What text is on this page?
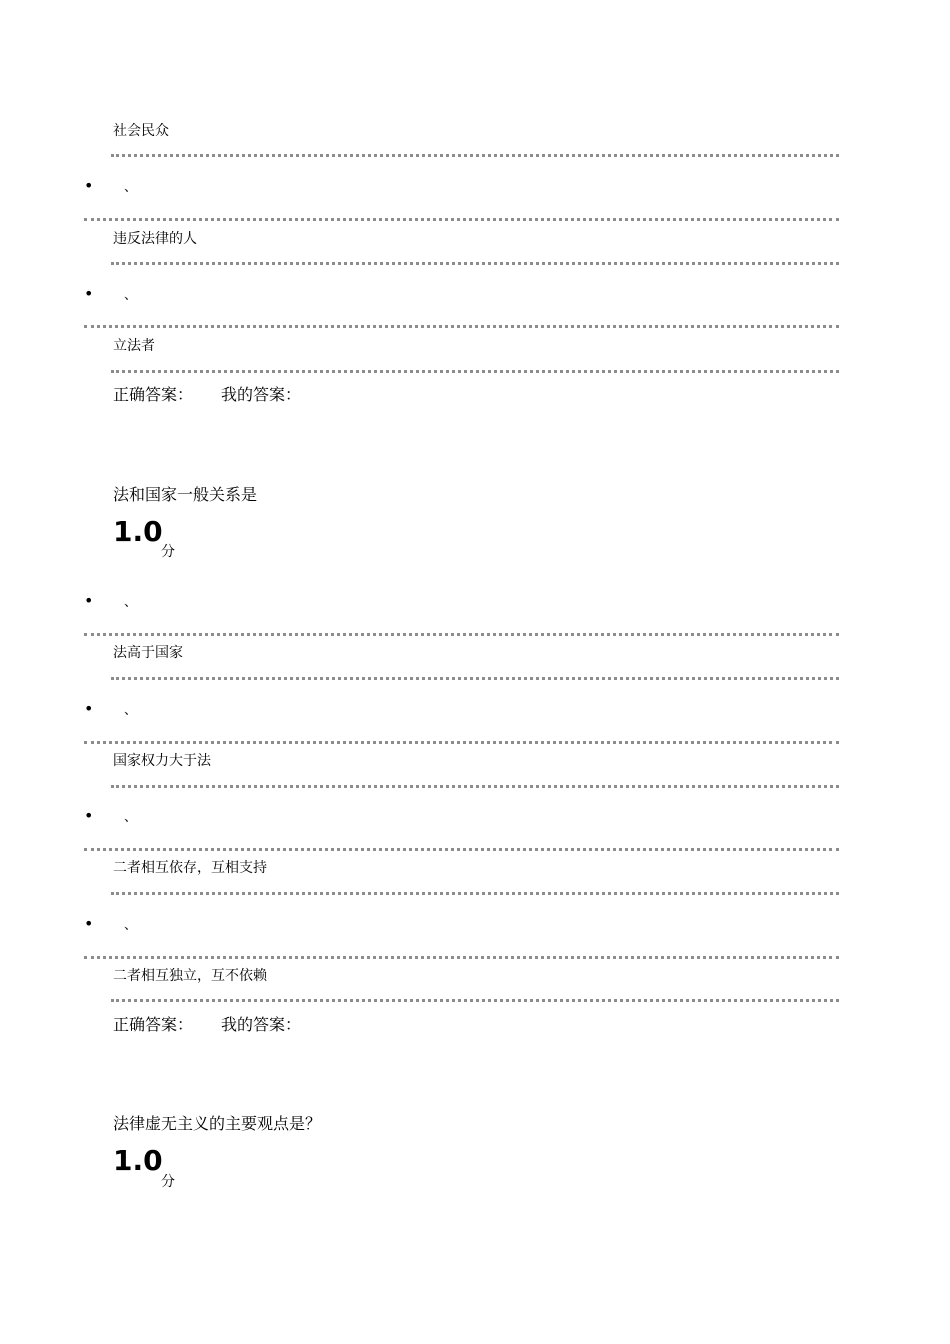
社会民众
• 、
违反法律的人
• 、
立法者
正确答案： 我的答案：
法和国家一般关系是
1.0
分
• 、
法高于国家
• 、
国家权力大于法
• 、
二者相互依存，互相支持
• 、
二者相互独立，互不依赖
正确答案： 我的答案：
法律虚无主义的主要观点是？
1.0
分
